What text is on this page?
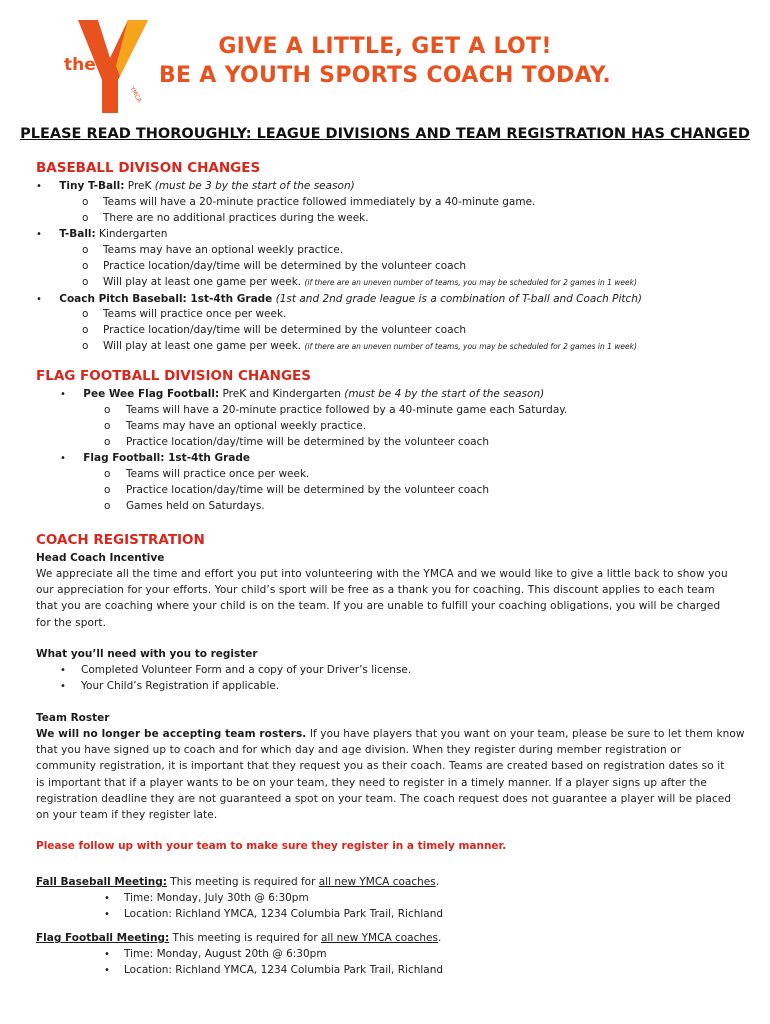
the
YMCA
GIVE A LITTLE, GET A LOT!
BE A YOUTH SPORTS COACH TODAY.
PLEASE READ THOROUGHLY: LEAGUE DIVISIONS AND TEAM REGISTRATION HAS CHANGED
BASEBALL DIVISON CHANGES
• Tiny T-Ball: PreK (must be 3 by the start of the season)
o Teams will have a 20-minute practice followed immediately by a 40-minute game.
o There are no additional practices during the week.
• T-Ball: Kindergarten
o Teams may have an optional weekly practice.
o Practice location/day/time will be determined by the volunteer coach
o Will play at least one game per week. (if there are an uneven number of teams, you may be scheduled for 2 games in 1 week)
• Coach Pitch Baseball: 1st-4th Grade (1st and 2nd grade league is a combination of T-ball and Coach Pitch)
o Teams will practice once per week.
o Practice location/day/time will be determined by the volunteer coach
o Will play at least one game per week. (if there are an uneven number of teams, you may be scheduled for 2 games in 1 week)
FLAG FOOTBALL DIVISION CHANGES
• Pee Wee Flag Football: PreK and Kindergarten (must be 4 by the start of the season)
o Teams will have a 20-minute practice followed by a 40-minute game each Saturday.
o Teams may have an optional weekly practice.
o Practice location/day/time will be determined by the volunteer coach
• Flag Football: 1st-4th Grade
o Teams will practice once per week.
o Practice location/day/time will be determined by the volunteer coach
o Games held on Saturdays.
COACH REGISTRATION
Head Coach Incentive
We appreciate all the time and effort you put into volunteering with the YMCA and we would like to give a little back to show you
our appreciation for your efforts. Your child’s sport will be free as a thank you for coaching. This discount applies to each team
that you are coaching where your child is on the team. If you are unable to fulfill your coaching obligations, you will be charged
for the sport.
What you’ll need with you to register
• Completed Volunteer Form and a copy of your Driver’s license.
• Your Child’s Registration if applicable.
Team Roster
We will no longer be accepting team rosters. If you have players that you want on your team, please be sure to let them know
that you have signed up to coach and for which day and age division. When they register during member registration or
community registration, it is important that they request you as their coach. Teams are created based on registration dates so it
is important that if a player wants to be on your team, they need to register in a timely manner. If a player signs up after the
registration deadline they are not guaranteed a spot on your team. The coach request does not guarantee a player will be placed
on your team if they register late.
Please follow up with your team to make sure they register in a timely manner.
Fall Baseball Meeting: This meeting is required for all new YMCA coaches.
• Time: Monday, July 30th @ 6:30pm
• Location: Richland YMCA, 1234 Columbia Park Trail, Richland
Flag Football Meeting: This meeting is required for all new YMCA coaches.
• Time: Monday, August 20th @ 6:30pm
• Location: Richland YMCA, 1234 Columbia Park Trail, Richland
